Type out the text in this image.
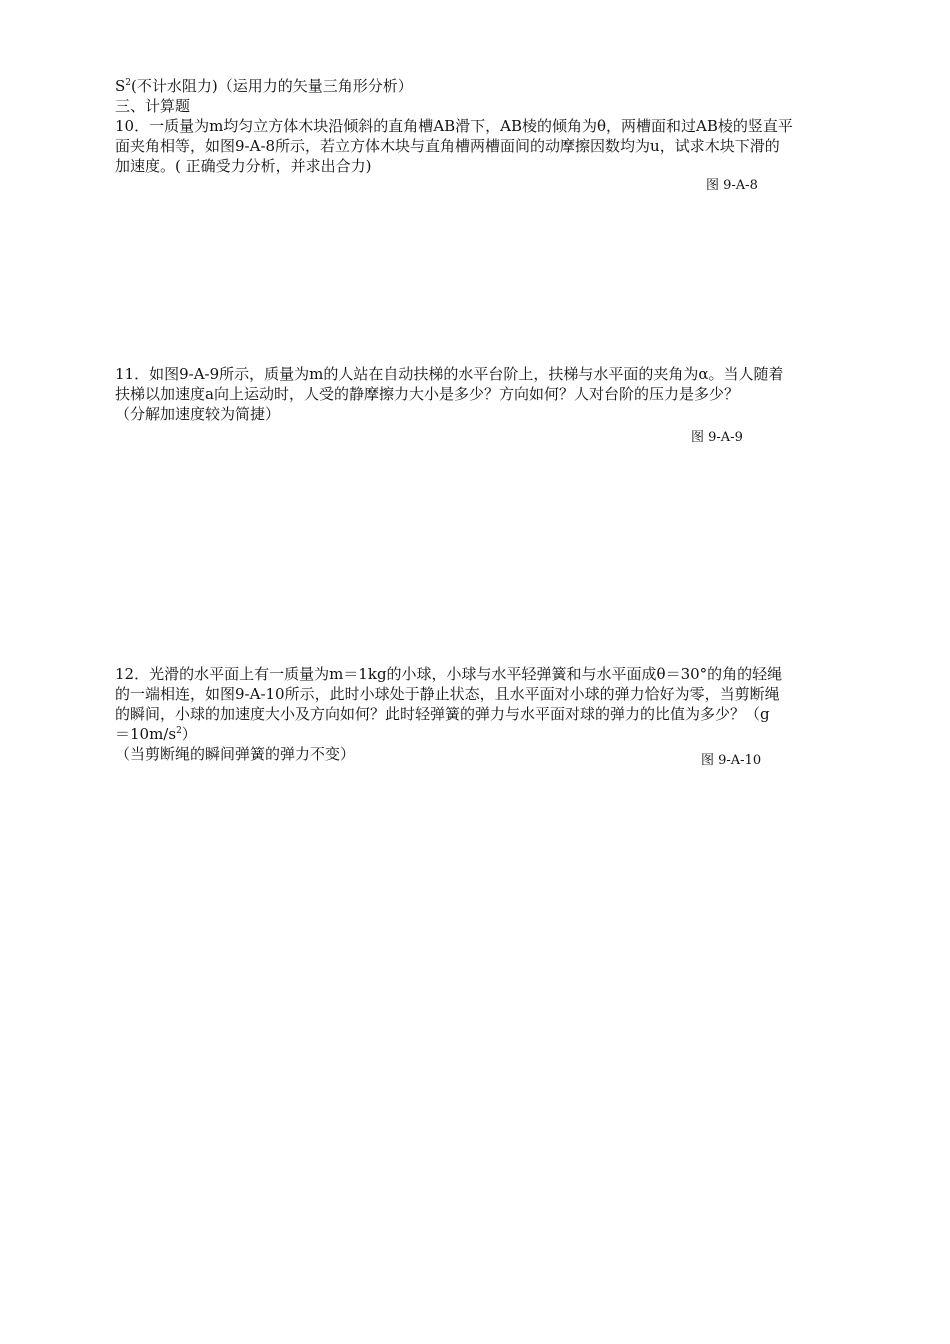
$S^2$(不计水阻力)（运用力的矢量三角形分析）
三、计算题
10．一质量为m均匀立方体木块沿倾斜的直角槽AB滑下，AB棱的倾角为θ，两槽面和过AB棱的竖直平
面夹角相等，如图9-A-8所示，若立方体木块与直角槽两槽面间的动摩擦因数均为u，试求木块下滑的
加速度。( 正确受力分析，并求出合力)
图 9-A-8
11．如图9-A-9所示，质量为m的人站在自动扶梯的水平台阶上，扶梯与水平面的夹角为α。当人随着
扶梯以加速度a向上运动时，人受的静摩擦力大小是多少？方向如何？人对台阶的压力是多少？
（分解加速度较为简捷）
图 9-A-9
12．光滑的水平面上有一质量为m＝1kg的小球，小球与水平轻弹簧和与水平面成θ＝30°的角的轻绳
的一端相连，如图9-A-10所示，此时小球处于静止状态，且水平面对小球的弹力恰好为零，当剪断绳
的瞬间，小球的加速度大小及方向如何？此时轻弹簧的弹力与水平面对球的弹力的比值为多少？（g
$=10m/s^2$）
（当剪断绳的瞬间弹簧的弹力不变）	图 9-A-10
